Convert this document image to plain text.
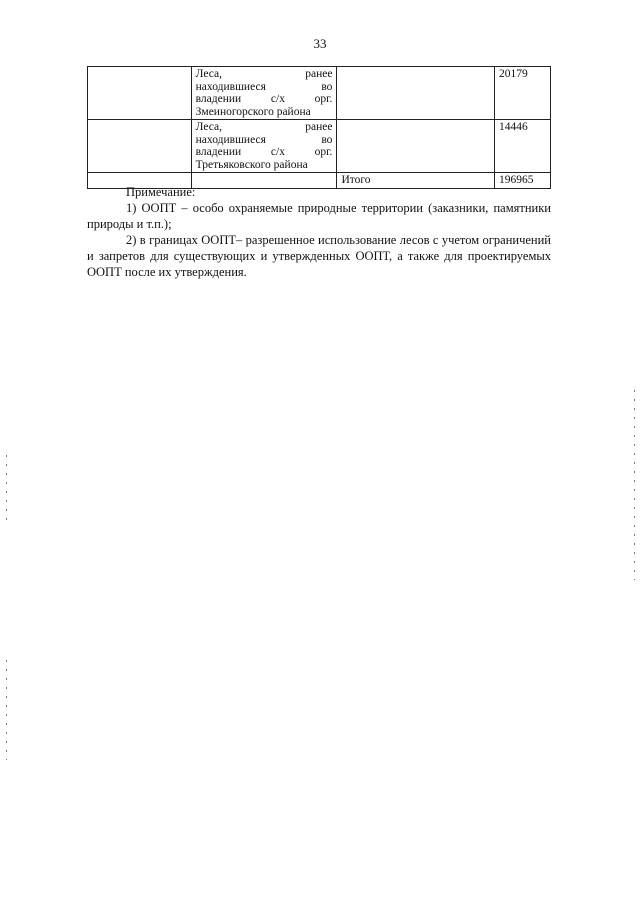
33

	Леса, ранее
находившиеся во
владении с/х орг.
Змеиногорского района		20179

	Леса, ранее
находившиеся во
владении с/х орг.
Третьяковского района		14446
		Итого	196965
Примечание:
1) ООПТ – особо охраняемые природные территории (заказники, памятники природы и т.п.);
2) в границах ООПТ– разрешенное использование лесов с учетом ограничений и запретов для существующих и утвержденных ООПТ, а также для проектируемых ООПТ после их утверждения.
